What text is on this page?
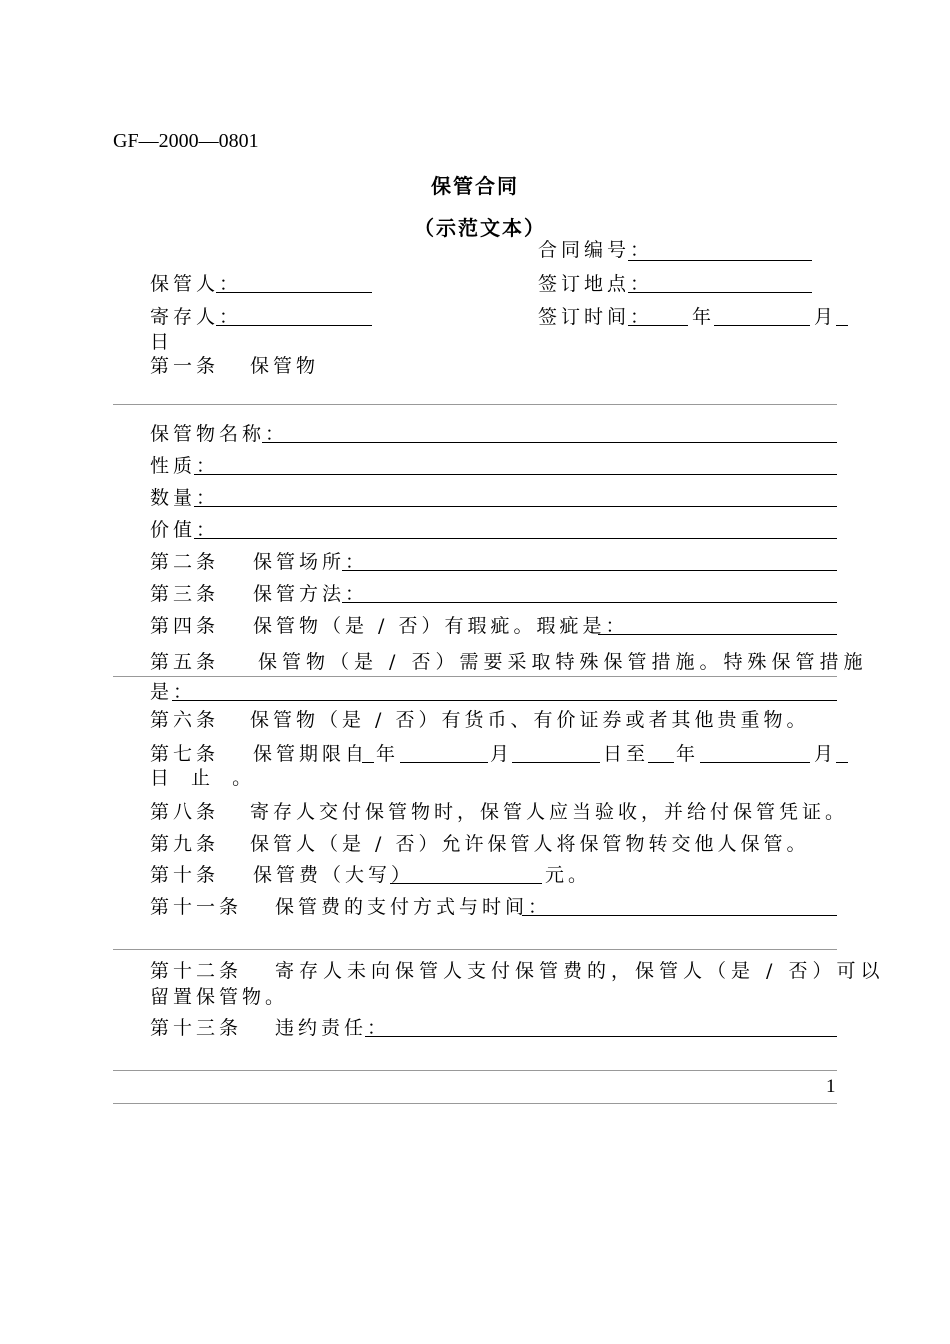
GF—2000—0801
保管合同
（示范文本）
合同编号：
保管人：	签订地点：
寄存人：	签订时间： 年	月
日
第一条 保管物
保管物名称：
性质：
数量：
价值：
第二条 保管场所：
第三条 保管方法：
第四条 保管物（是 / 否）有瑕疵。瑕疵是：
第五条 保管物（是 / 否）需要采取特殊保管措施。特殊保管措施
是：
第六条 保管物（是 / 否）有货币、有价证券或者其他贵重物。
第七条 保管期限自 年	月	日至 年	月
日 止 。
第八条 寄存人交付保管物时，保管人应当验收，并给付保管凭证。
第九条 保管人（是 / 否）允许保管人将保管物转交他人保管。
第十条 保管费（大写）	元。
第十一条 保管费的支付方式与时间：
第十二条 寄存人未向保管人支付保管费的，保管人（是 / 否）可以
留置保管物。
第十三条 违约责任：
1
